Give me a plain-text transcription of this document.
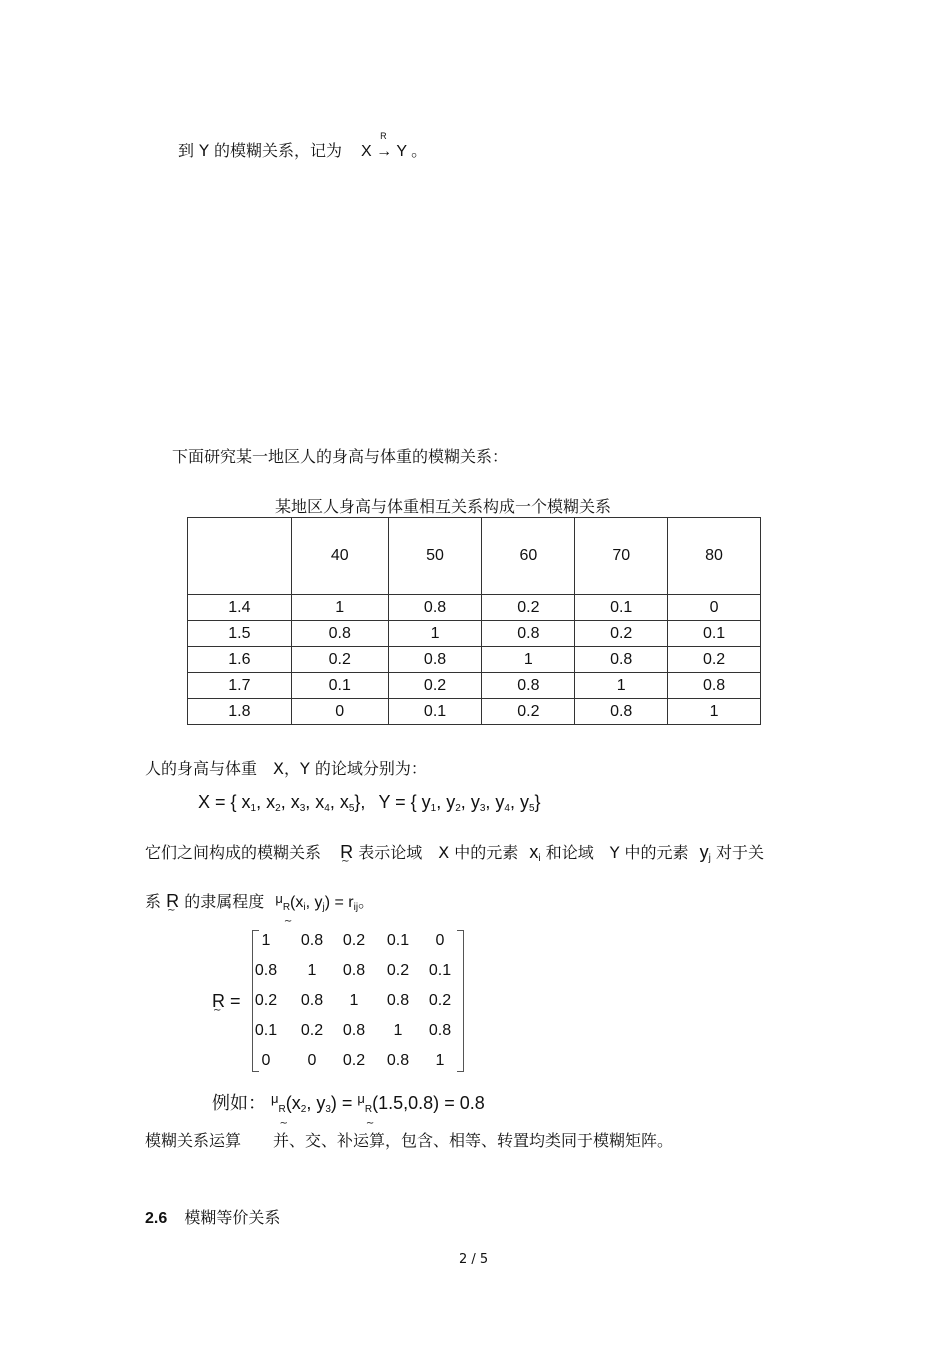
到 Y 的模糊关系，记为 X
R
→ Y 。
下面研究某一地区人的身高与体重的模糊关系：
某地区人身高与体重相互关系构成一个模糊关系
	40	50	60	70	80
1.4	1	0.8	0.2	0.1	0
1.5	0.8	1	0.8	0.2	0.1
1.6	0.2	0.8	1	0.8	0.2
1.7	0.1	0.2	0.8	1	0.8
1.8	0	0.1	0.2	0.8	1
人的身高与体重　X，Y 的论域分别为：
X = { $x_1$, $x_2$, $x_3$, $x_4$, $x_5$}, Y = { $y_1$, $y_2$, $y_3$, $y_4$, $y_5$}
它们之间构成的模糊关系 R ∼ 表示论域　X 中的元素 $x_i$ 和论域　Y 中的元素 $y_j$ 对于关
系 R ∼ 的隶属程度 $^\mu_R$ $\sim(x_i$, $y_j) = r_{ij}$。
R ∼ =
1	0.8	0.2	0.1	0
0.8	1	0.8	0.2	0.1
0.2	0.8	1	0.8	0.2
0.1	0.2	0.8	1	0.8
0	0	0.2	0.8	1
例如： $^\mu_R$ $\sim(x_2$, $y_3) = ^\mu_R$ ∼(1.5,0.8) = 0.8
模糊关系运算　　并、交、补运算，包含、相等、转置均类同于模糊矩阵。
2.6 模糊等价关系
2 / 5
